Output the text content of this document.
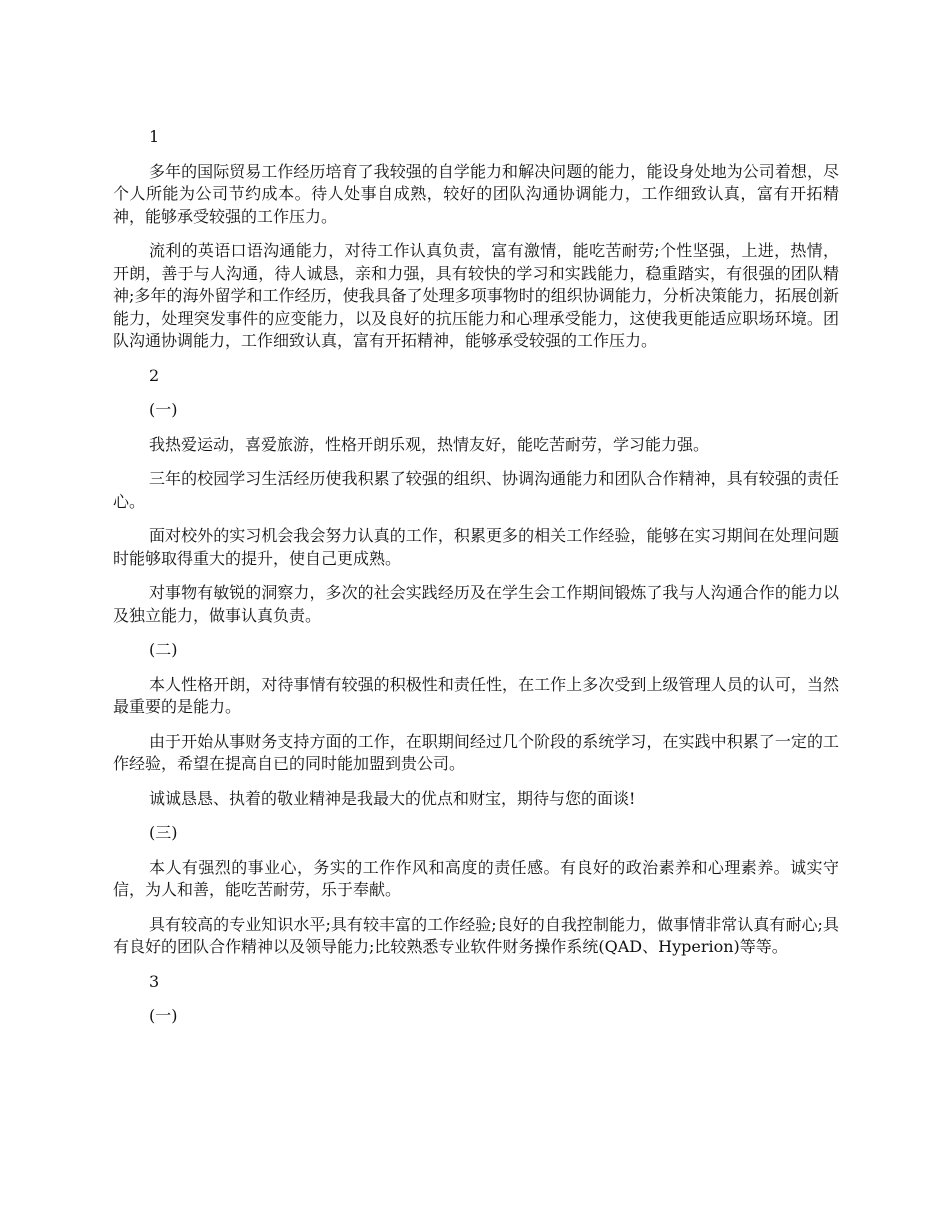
1

多年的国际贸易工作经历培育了我较强的自学能力和解决问题的能力，能设身处地为公司着想，尽个人所能为公司节约成本。待人处事自成熟，较好的团队沟通协调能力，工作细致认真，富有开拓精神，能够承受较强的工作压力。

流利的英语口语沟通能力，对待工作认真负责，富有激情，能吃苦耐劳;个性坚强，上进，热情，开朗，善于与人沟通，待人诚恳，亲和力强，具有较快的学习和实践能力，稳重踏实，有很强的团队精神;多年的海外留学和工作经历，使我具备了处理多项事物时的组织协调能力，分析决策能力，拓展创新能力，处理突发事件的应变能力，以及良好的抗压能力和心理承受能力，这使我更能适应职场环境。团队沟通协调能力，工作细致认真，富有开拓精神，能够承受较强的工作压力。

2
(一)

我热爱运动，喜爱旅游，性格开朗乐观，热情友好，能吃苦耐劳，学习能力强。

三年的校园学习生活经历使我积累了较强的组织、协调沟通能力和团队合作精神，具有较强的责任心。

面对校外的实习机会我会努力认真的工作，积累更多的相关工作经验，能够在实习期间在处理问题时能够取得重大的提升，使自己更成熟。

对事物有敏锐的洞察力，多次的社会实践经历及在学生会工作期间锻炼了我与人沟通合作的能力以及独立能力，做事认真负责。

(二)

本人性格开朗，对待事情有较强的积极性和责任性，在工作上多次受到上级管理人员的认可，当然最重要的是能力。

由于开始从事财务支持方面的工作，在职期间经过几个阶段的系统学习，在实践中积累了一定的工作经验，希望在提高自已的同时能加盟到贵公司。

诚诚恳恳、执着的敬业精神是我最大的优点和财宝，期待与您的面谈!

(三)

本人有强烈的事业心，务实的工作作风和高度的责任感。有良好的政治素养和心理素养。诚实守信，为人和善，能吃苦耐劳，乐于奉献。

具有较高的专业知识水平;具有较丰富的工作经验;良好的自我控制能力，做事情非常认真有耐心;具有良好的团队合作精神以及领导能力;比较熟悉专业软件财务操作系统(QAD、Hyperion)等等。

3
(一)
